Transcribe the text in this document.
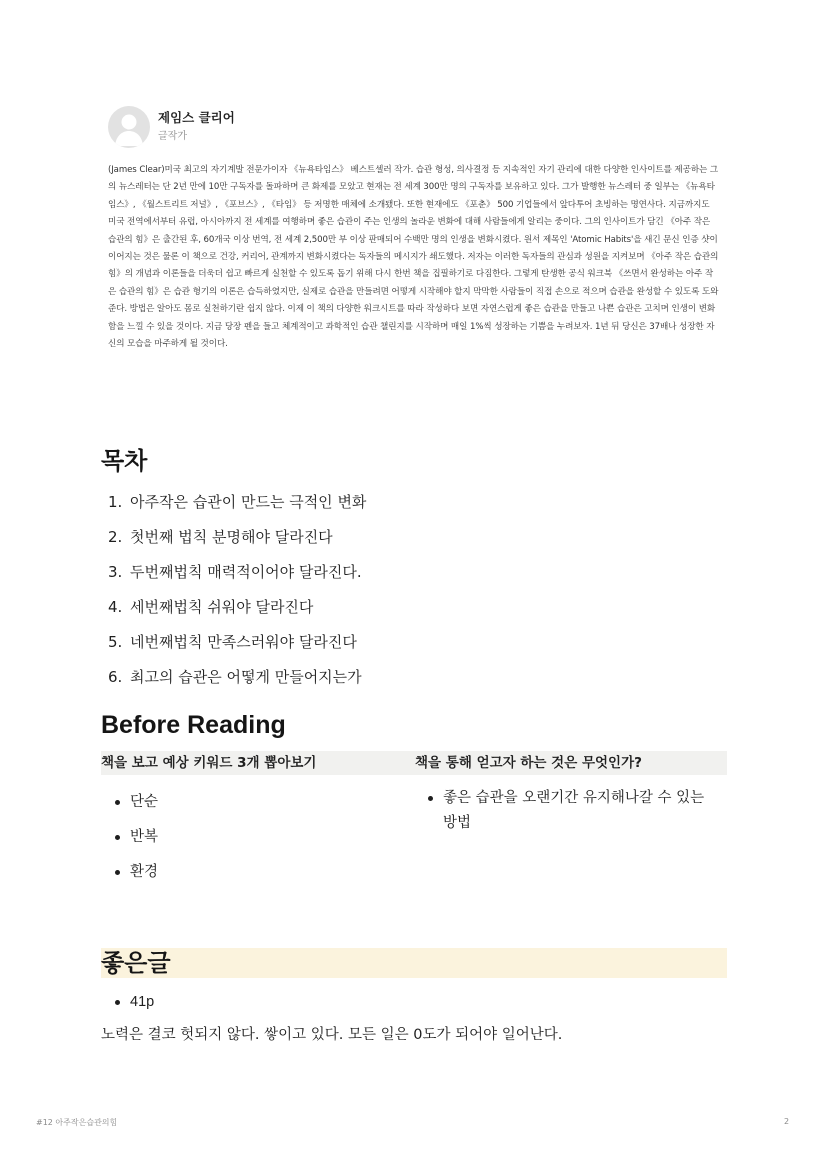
제임스 클리어
글작가
(James Clear)미국 최고의 자기계발 전문가이자 《뉴욕타임스》 베스트셀러 작가. 습관 형성, 의사결정 등 지속적인 자기 관리에 대한 다양한 인사이트를 제공하는 그의 뉴스레터는 단 2년 만에 10만 구독자를 돌파하며 큰 화제를 모았고 현재는 전 세계 300만 명의 구독자를 보유하고 있다. 그가 발행한 뉴스레터 중 일부는 《뉴욕타임스》, 《월스트리트 저널》, 《포브스》, 《타임》 등 저명한 매체에 소개됐다. 또한 현재에도 《포춘》 500 기업들에서 앞다투어 초빙하는 명연사다. 지금까지도 미국 전역에서부터 유럽, 아시아까지 전 세계를 여행하며 좋은 습관이 주는 인생의 놀라운 변화에 대해 사람들에게 알리는 중이다. 그의 인사이트가 담긴 《아주 작은 습관의 힘》은 출간된 후, 60개국 이상 번역, 전 세계 2,500만 부 이상 판매되어 수백만 명의 인생을 변화시켰다. 원서 제목인 'Atomic Habits'을 새긴 문신 인증 샷이 이어지는 것은 물론 이 책으로 건강, 커리어, 관계까지 변화시켰다는 독자들의 메시지가 쇄도했다. 저자는 이러한 독자들의 관심과 성원을 지켜보며 《아주 작은 습관의 힘》의 개념과 이론들을 더욱더 쉽고 빠르게 실천할 수 있도록 돕기 위해 다시 한번 책을 집필하기로 다짐한다. 그렇게 탄생한 공식 워크북 《쓰면서 완성하는 아주 작은 습관의 힘》은 습관 형기의 이론은 습득하였지만, 실제로 습관을 만들려면 어떻게 시작해야 할지 막막한 사람들이 직접 손으로 적으며 습관을 완성할 수 있도록 도와준다. 방법은 알아도 몸로 실천하기란 쉽지 않다. 이제 이 책의 다양한 워크시트를 따라 작성하다 보면 자연스럽게 좋은 습관을 만들고 나쁜 습관은 고치며 인생이 변화함을 느낄 수 있을 것이다. 지금 당장 펜을 들고 체계적이고 과학적인 습관 챌린지를 시작하며 매일 1%씩 성장하는 기쁨을 누려보자. 1년 뒤 당신은 37배나 성장한 자신의 모습을 마주하게 될 것이다.
목차
1. 아주작은 습관이 만드는 극적인 변화
2. 첫번째 법칙 분명해야 달라진다
3. 두번째법칙 매력적이어야 달라진다.
4. 세번째법칙 쉬워야 달라진다
5. 네번째법칙 만족스러워야 달라진다
6. 최고의 습관은 어떻게 만들어지는가
Before Reading
책을 보고 예상 키워드 3개 뽑아보기	책을 통해 얻고자 하는 것은 무엇인가?
단순
반복
환경
좋은 습관을 오랜기간 유지해나갈 수 있는 방법
좋은글
41p
노력은 결코 헛되지 않다. 쌓이고 있다. 모든 일은 0도가 되어야 일어난다.
#12 아주작은습관의힘	2
